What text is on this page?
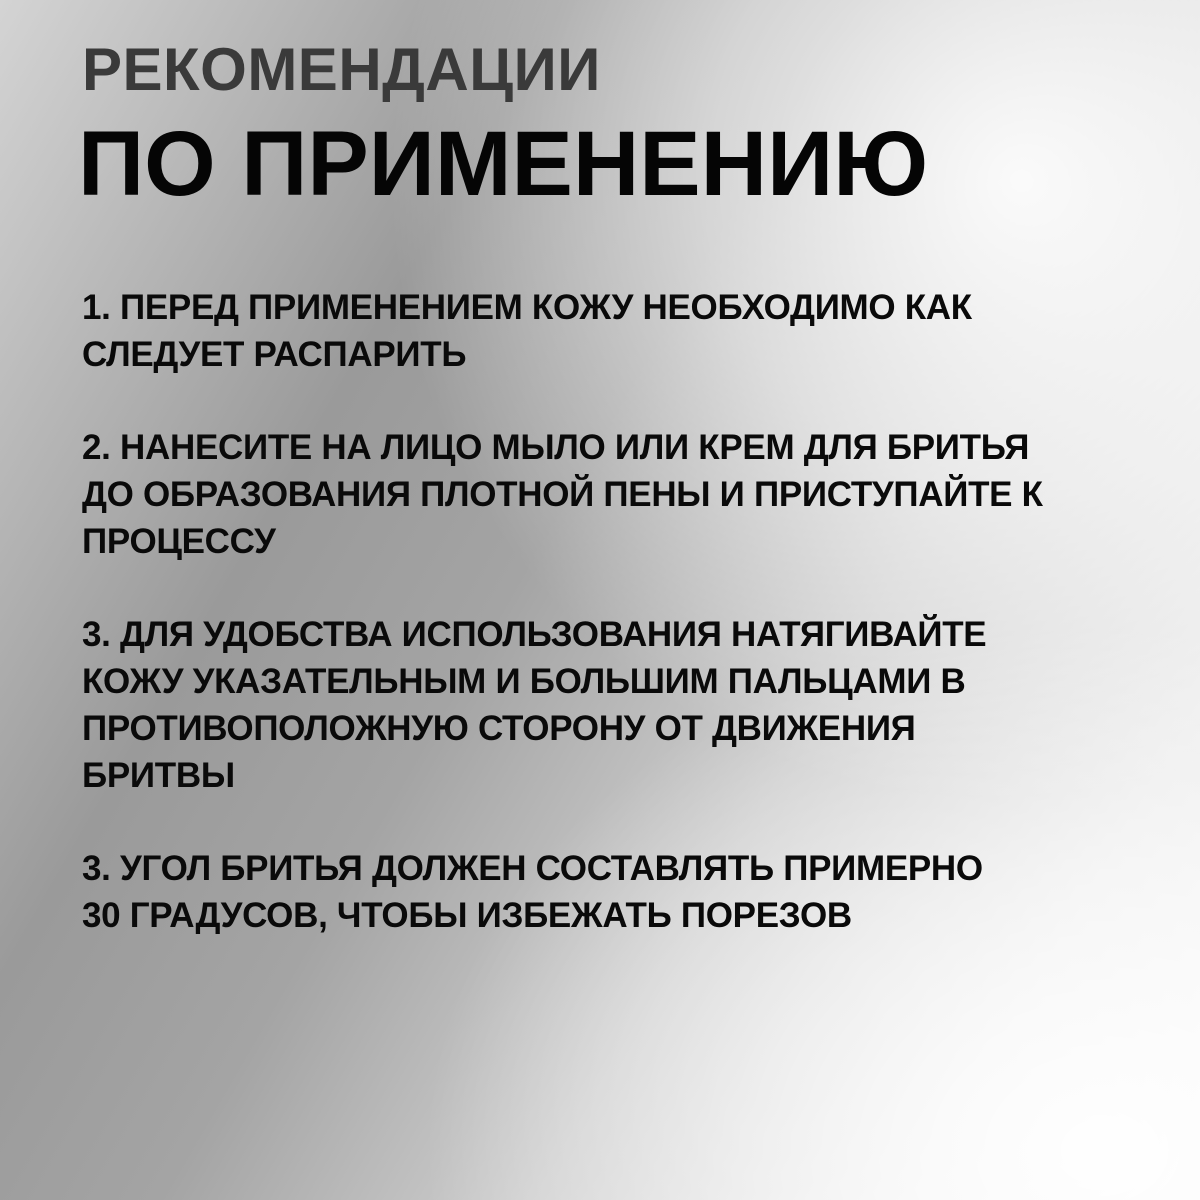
РЕКОМЕНДАЦИИ
ПО ПРИМЕНЕНИЮ

1. ПЕРЕД ПРИМЕНЕНИЕМ КОЖУ НЕОБХОДИМО КАК
СЛЕДУЕТ РАСПАРИТЬ

2. НАНЕСИТЕ НА ЛИЦО МЫЛО ИЛИ КРЕМ ДЛЯ БРИТЬЯ
ДО ОБРАЗОВАНИЯ ПЛОТНОЙ ПЕНЫ И ПРИСТУПАЙТЕ К
ПРОЦЕССУ

3. ДЛЯ УДОБСТВА ИСПОЛЬЗОВАНИЯ НАТЯГИВАЙТЕ
КОЖУ УКАЗАТЕЛЬНЫМ И БОЛЬШИМ ПАЛЬЦАМИ В
ПРОТИВОПОЛОЖНУЮ СТОРОНУ ОТ ДВИЖЕНИЯ
БРИТВЫ

3. УГОЛ БРИТЬЯ ДОЛЖЕН СОСТАВЛЯТЬ ПРИМЕРНО
30 ГРАДУСОВ, ЧТОБЫ ИЗБЕЖАТЬ ПОРЕЗОВ
